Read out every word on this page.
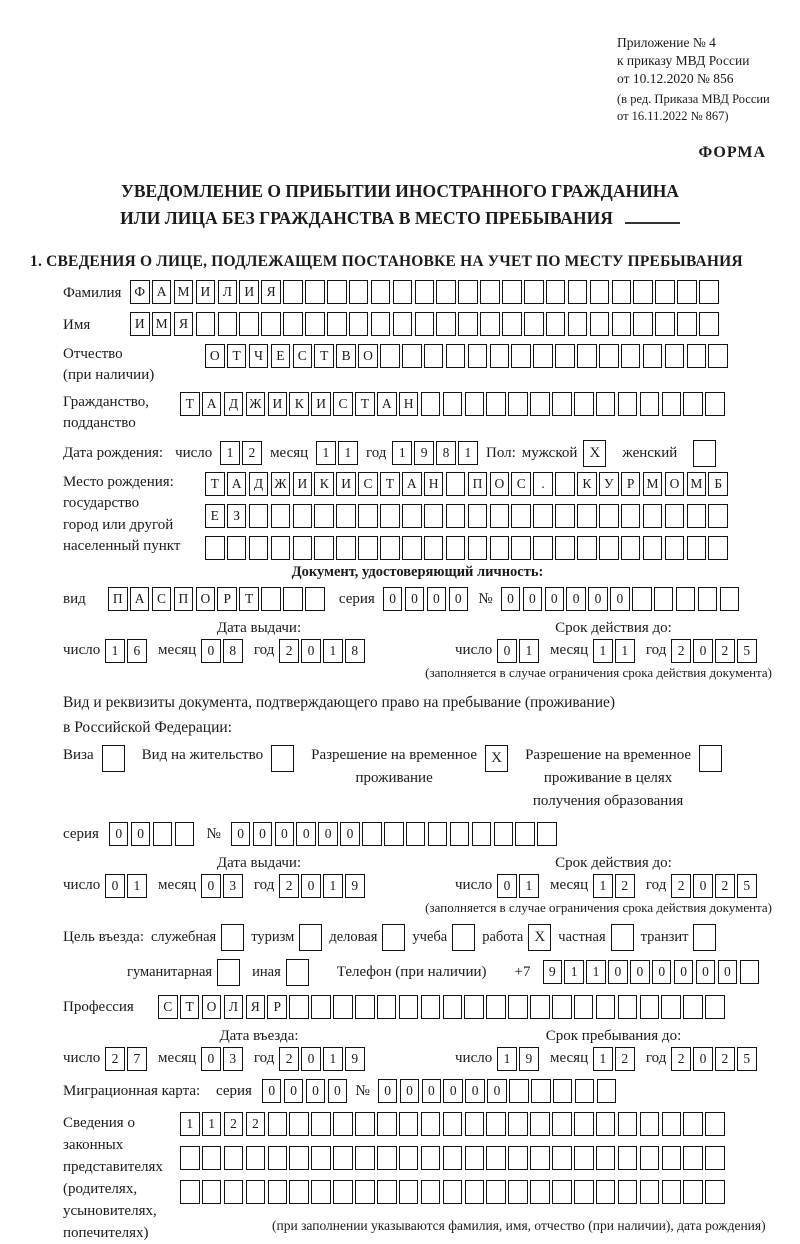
Приложение № 4
к приказу МВД России
от 10.12.2020 № 856
(в ред. Приказа МВД России
от 16.11.2022 № 867)
ФОРМА
УВЕДОМЛЕНИЕ О ПРИБЫТИИ ИНОСТРАННОГО ГРАЖДАНИНА
ИЛИ ЛИЦА БЕЗ ГРАЖДАНСТВА В МЕСТО ПРЕБЫВАНИЯ
1. СВЕДЕНИЯ О ЛИЦЕ, ПОДЛЕЖАЩЕМ ПОСТАНОВКЕ НА УЧЕТ ПО МЕСТУ ПРЕБЫВАНИЯ
Фамилия Ф А М И Л И Я
Имя	И М Я
Отчество
(при наличии)
О Т Ч Е С Т В О
Гражданство,
подданство
Т А Д Ж И К И С Т А Н
Дата рождения: число	1	2 месяц	1	1 год 1	9	8	1 Пол: мужской X	женский
Место рождения:
государство
город или другой
населенный пункт
Т А Д Ж И К И С Т А Н	П О С	.	К У Р М О М Б
Е	З
Документ, удостоверяющий личность:
вид	П А С П О Р	Т	серия	0	0	0	0	№	0	0	0	0	0	0
Дата выдачи:	Срок действия до:
число 1	6	месяц 0	8	год 2	0	1	8	число 0	1	месяц 1	1	год 2	0	2	5
(заполняется в случае ограничения срока действия документа)
Вид и реквизиты документа, подтверждающего право на пребывание (проживание)
в Российской Федерации:
Виза	Вид на жительство	Разрешение на временное
проживание
X	Разрешение на временное
проживание в целях
получения образования
серия	0	0	№	0	0	0	0	0	0
Дата выдачи:	Срок действия до:
число 0	1	месяц 0	3	год 2	0	1	9	число 0	1	месяц 1	2	год 2	0	2	5
(заполняется в случае ограничения срока действия документа)
Цель въезда: служебная туризм деловая учеба работа X частная транзит
гуманитарная	иная	Телефон (при наличии) +7	9	1	1	0	0	0	0	0	0
Профессия	С Т О Л Я	Р
Дата въезда:	Срок пребывания до:
число 2	7	месяц 0	3	год 2	0	1	9	число 1	9	месяц 1	2	год 2	0	2	5
Миграционная карта:	серия	0	0	0	0 №	0	0	0	0	0	0
Сведения о
законных
представителях
(родителях,
усыновителях,
попечителях)
1	1	2	2
(при заполнении указываются фамилия, имя, отчество (при наличии), дата рождения)
